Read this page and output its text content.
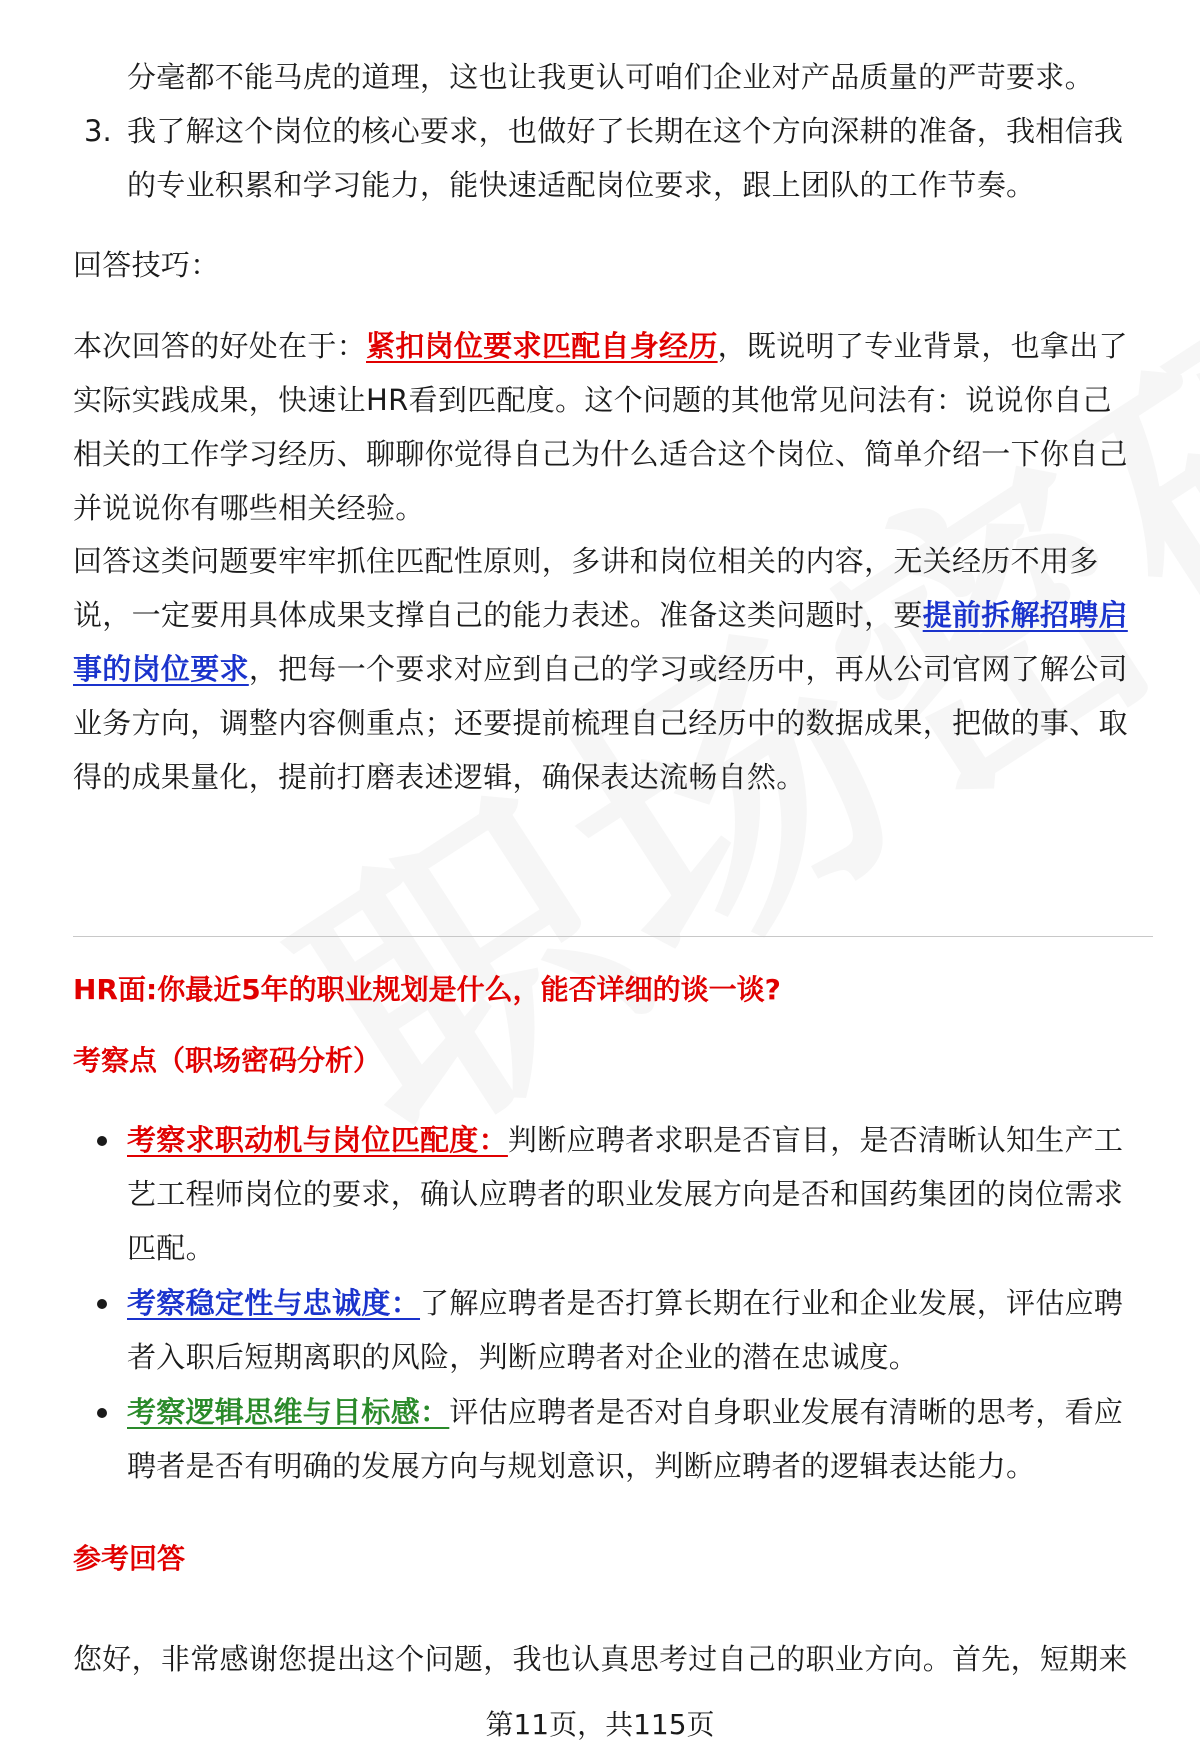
分毫都不能马虎的道理，这也让我更认可咱们企业对产品质量的严苛要求。

3. 我了解这个岗位的核心要求，也做好了长期在这个方向深耕的准备，我相信我

的专业积累和学习能力，能快速适配岗位要求，跟上团队的工作节奏。

回答技巧：

本次回答的好处在于：紧扣岗位要求匹配自身经历，既说明了专业背景，也拿出了

实际实践成果，快速让HR看到匹配度。这个问题的其他常见问法有：说说你自己

相关的工作学习经历、聊聊你觉得自己为什么适合这个岗位、简单介绍一下你自己

并说说你有哪些相关经验。

回答这类问题要牢牢抓住匹配性原则，多讲和岗位相关的内容，无关经历不用多

说，一定要用具体成果支撑自己的能力表述。准备这类问题时，要提前拆解招聘启

事的岗位要求，把每一个要求对应到自己的学习或经历中，再从公司官网了解公司

业务方向，调整内容侧重点；还要提前梳理自己经历中的数据成果，把做的事、取

得的成果量化，提前打磨表述逻辑，确保表达流畅自然。

HR面:你最近5年的职业规划是什么，能否详细的谈一谈?
考察点（职场密码分析）

考察求职动机与岗位匹配度：判断应聘者求职是否盲目，是否清晰认知生产工

艺工程师岗位的要求，确认应聘者的职业发展方向是否和国药集团的岗位需求

匹配。

考察稳定性与忠诚度：了解应聘者是否打算长期在行业和企业发展，评估应聘

者入职后短期离职的风险，判断应聘者对企业的潜在忠诚度。

考察逻辑思维与目标感：评估应聘者是否对自身职业发展有清晰的思考，看应

聘者是否有明确的发展方向与规划意识，判断应聘者的逻辑表达能力。

参考回答

您好，非常感谢您提出这个问题，我也认真思考过自己的职业方向。首先，短期来

第11页，共115页
